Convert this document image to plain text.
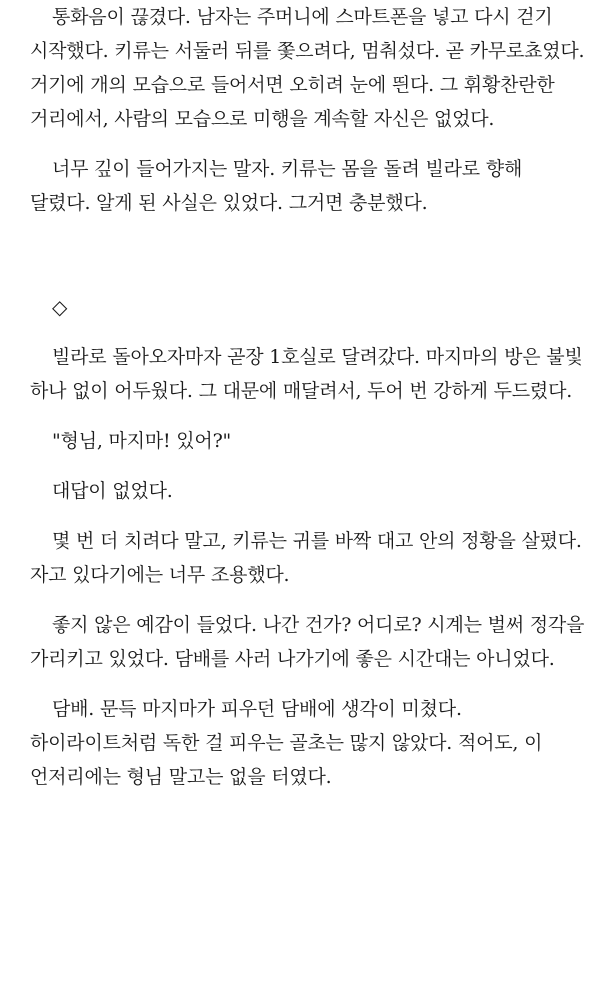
통화음이 끊겼다. 남자는 주머니에 스마트폰을 넣고 다시 걷기 시작했다. 키류는 서둘러 뒤를 쫓으려다, 멈춰섰다. 곧 카무로쵸였다. 거기에 개의 모습으로 들어서면 오히려 눈에 띈다. 그 휘황찬란한 거리에서, 사람의 모습으로 미행을 계속할 자신은 없었다.

너무 깊이 들어가지는 말자. 키류는 몸을 돌려 빌라로 향해 달렸다. 알게 된 사실은 있었다. 그거면 충분했다.

◇

빌라로 돌아오자마자 곧장 1호실로 달려갔다. 마지마의 방은 불빛 하나 없이 어두웠다. 그 대문에 매달려서, 두어 번 강하게 두드렸다.

"형님, 마지마! 있어?"

대답이 없었다.

몇 번 더 치려다 말고, 키류는 귀를 바짝 대고 안의 정황을 살폈다. 자고 있다기에는 너무 조용했다.

좋지 않은 예감이 들었다. 나간 건가? 어디로? 시계는 벌써 정각을 가리키고 있었다. 담배를 사러 나가기에 좋은 시간대는 아니었다.

담배. 문득 마지마가 피우던 담배에 생각이 미쳤다. 하이라이트처럼 독한 걸 피우는 골초는 많지 않았다. 적어도, 이 언저리에는 형님 말고는 없을 터였다.
